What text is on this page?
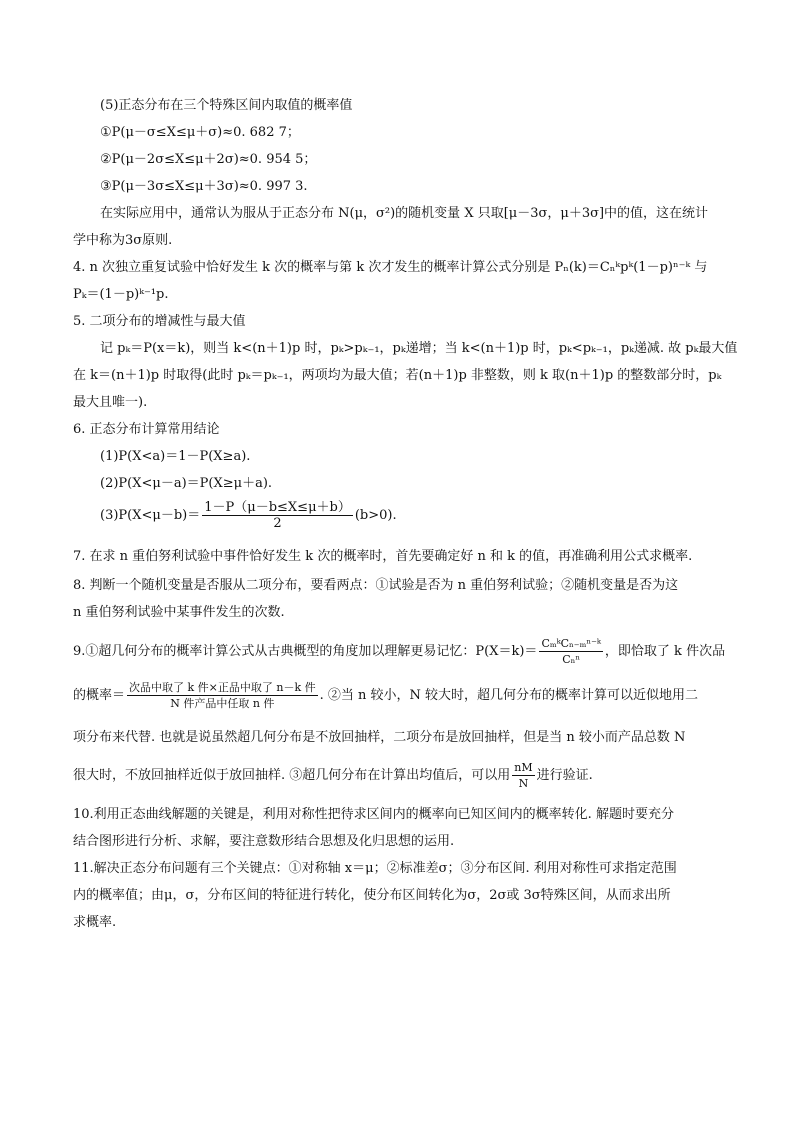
(5)正态分布在三个特殊区间内取值的概率值
①P(μ－σ≤X≤μ＋σ)≈0. 682 7；
②P(μ－2σ≤X≤μ＋2σ)≈0. 954 5；
③P(μ－3σ≤X≤μ＋3σ)≈0. 997 3.
在实际应用中，通常认为服从于正态分布 N(μ，σ²)的随机变量 X 只取[μ－3σ，μ＋3σ]中的值，这在统计
学中称为3σ原则.
4. n 次独立重复试验中恰好发生 k 次的概率与第 k 次才发生的概率计算公式分别是 Pₙ(k)＝Cₙᵏpᵏ(1－p)ⁿ⁻ᵏ 与
Pₖ＝(1－p)ᵏ⁻¹p.
5. 二项分布的增减性与最大值
记 pₖ＝P(x＝k)，则当 k<(n＋1)p 时，pₖ>pₖ₋₁，pₖ递增；当 k<(n＋1)p 时，pₖ<pₖ₋₁，pₖ递减. 故 pₖ最大值
在 k＝(n＋1)p 时取得(此时 pₖ＝pₖ₋₁，两项均为最大值；若(n＋1)p 非整数，则 k 取(n＋1)p 的整数部分时，pₖ
最大且唯一).
6. 正态分布计算常用结论
(1)P(X<a)＝1－P(X≥a).
(2)P(X<μ－a)＝P(X≥μ＋a).
$(3)P(X<\mu-b)= \frac{1-P(\mu-b\le X\le\mu+b)}{2} (b>0)$.
7. 在求 n 重伯努利试验中事件恰好发生 k 次的概率时，首先要确定好 n 和 k 的值，再准确利用公式求概率.
8. 判断一个随机变量是否服从二项分布，要看两点：①试验是否为 n 重伯努利试验；②随机变量是否为这
n 重伯努利试验中某事件发生的次数.
9.①超几何分布的概率计算公式从古典概型的角度加以理解更易记忆：$P(X=k)= \frac{\text{CₘᵏCₙ₋ₘⁿ⁻ᵏ}}{\text{Cₙⁿ}}$ ，即恰取了 k 件次品
的概率＝ $\frac{\text{次品中取了 k 件×正品中取了 n－k 件}}{\text{N 件产品中任取 n 件}}$ . ②当 n 较小，N 较大时，超几何分布的概率计算可以近似地用二
项分布来代替. 也就是说虽然超几何分布是不放回抽样，二项分布是放回抽样，但是当 n 较小而产品总数 N
很大时，不放回抽样近似于放回抽样. ③超几何分布在计算出均值后，可以用 $\frac{nM}{N}$ 进行验证.
10.利用正态曲线解题的关键是，利用对称性把待求区间内的概率向已知区间内的概率转化. 解题时要充分
结合图形进行分析、求解，要注意数形结合思想及化归思想的运用.
11.解决正态分布问题有三个关键点：①对称轴 x＝μ；②标准差σ；③分布区间. 利用对称性可求指定范围
内的概率值；由μ，σ，分布区间的特征进行转化，使分布区间转化为σ，2σ或 3σ特殊区间，从而求出所
求概率.
